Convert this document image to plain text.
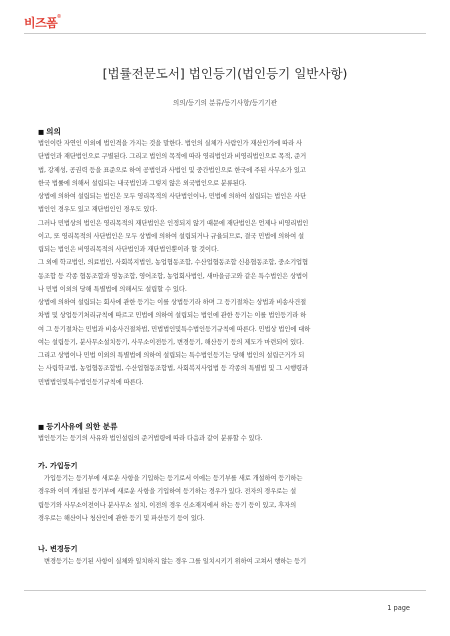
비즈폼®
[법률전문도서] 법인등기(법인등기 일반사항)
의의/등기의 분류/등기사항/등기기관
■ 의의
법인이란 자연인 이외에 법인격을 가지는 것을 말한다. 법인의 실체가 사람인가 재산인가에 따라 사
단법인과 재단법인으로 구별된다. 그리고 법인의 목적에 따라 영리법인과 비영리법인으로 목적, 준거
법, 강제성, 공권력 등을 표준으로 하여 공법인과 사법인 및 중간법인으로 한국에 주된 사무소가 있고
한국 법률에 의해서 설립되는 내국법인과 그렇지 않은 외국법인으로 분류된다.
상법에 의하여 설립되는 법인은 모두 영리목적의 사단법인이나, 민법에 의하여 설립되는 법인은 사단
법인인 경우도 있고 재단법인인 경우도 있다.
그러나 민법상의 법인은 영리목적의 재단법인은 인정되지 않기 때문에 재단법인은 언제나 비영리법인
이고, 또 영리목적의 사단법인은 모두 상법에 의하여 설립되거나 규율되므로, 결국 민법에 의하여 설
립되는 법인은 비영리목적의 사단법인과 재단법인뿐이라 할 것이다.
그 외에 학교법인, 의료법인, 사회복지법인, 농업협동조합, 수산업협동조합 신용협동조합, 중소기업협
동조합 등 각종 협동조합과 영농조합, 영어조합, 농업회사법인, 새마을금고와 같은 특수법인은 상법이
나 민법 이외의 당해 특별법에 의해서도 설립할 수 있다.
상법에 의하여 설립되는 회사에 관한 등기는 이를 상법등기라 하며 그 등기절차는 상법과 비송사건절
차법 및 상업등기처리규칙에 따르고 민법에 의하여 설립되는 법인에 관한 등기는 이를 법인등기라 하
여 그 등기절차는 민법과 비송사건절차법, 민법법인및특수법인등기규칙에 따른다. 민법상 법인에 대하
여는 설립등기, 분사무소설치등기, 사무소이전등기, 변경등기, 해산등기 등의 제도가 마련되어 있다.
그리고 상법이나 민법 이외의 특별법에 의하여 설립되는 특수법인등기는 당해 법인의 설립근거가 되
는 사립학교법, 농업협동조합법, 수산업협동조합법, 사회복지사업법 등 각종의 특별법 및 그 시행령과
민법법인및특수법인등기규칙에 따른다.
■ 등기사유에 의한 분류
법인등기는 등기의 사유와 법인설립의 준거법령에 따라 다음과 같이 분류할 수 있다.
가. 가입등기
가입등기는 등기부에 새로운 사항을 기입하는 등기로서 이에는 등기부를 새로 개설하여 등기하는
경우와 이미 개설된 등기부에 새로운 사항을 기입하여 등기하는 경우가 있다. 전자의 경우로는 설
립등기와 사무소이전이나 분사무소 설치, 이전의 경우 신소재지에서 하는 등기 등이 있고, 후자의
경우로는 해산이나 청산인에 관한 등기 및 파산등기 등이 있다.
나. 변경등기
변경등기는 등기된 사항이 실체와 일치하지 않는 경우 그를 일치시키기 위하여 고쳐서 행하는 등기
1 page
